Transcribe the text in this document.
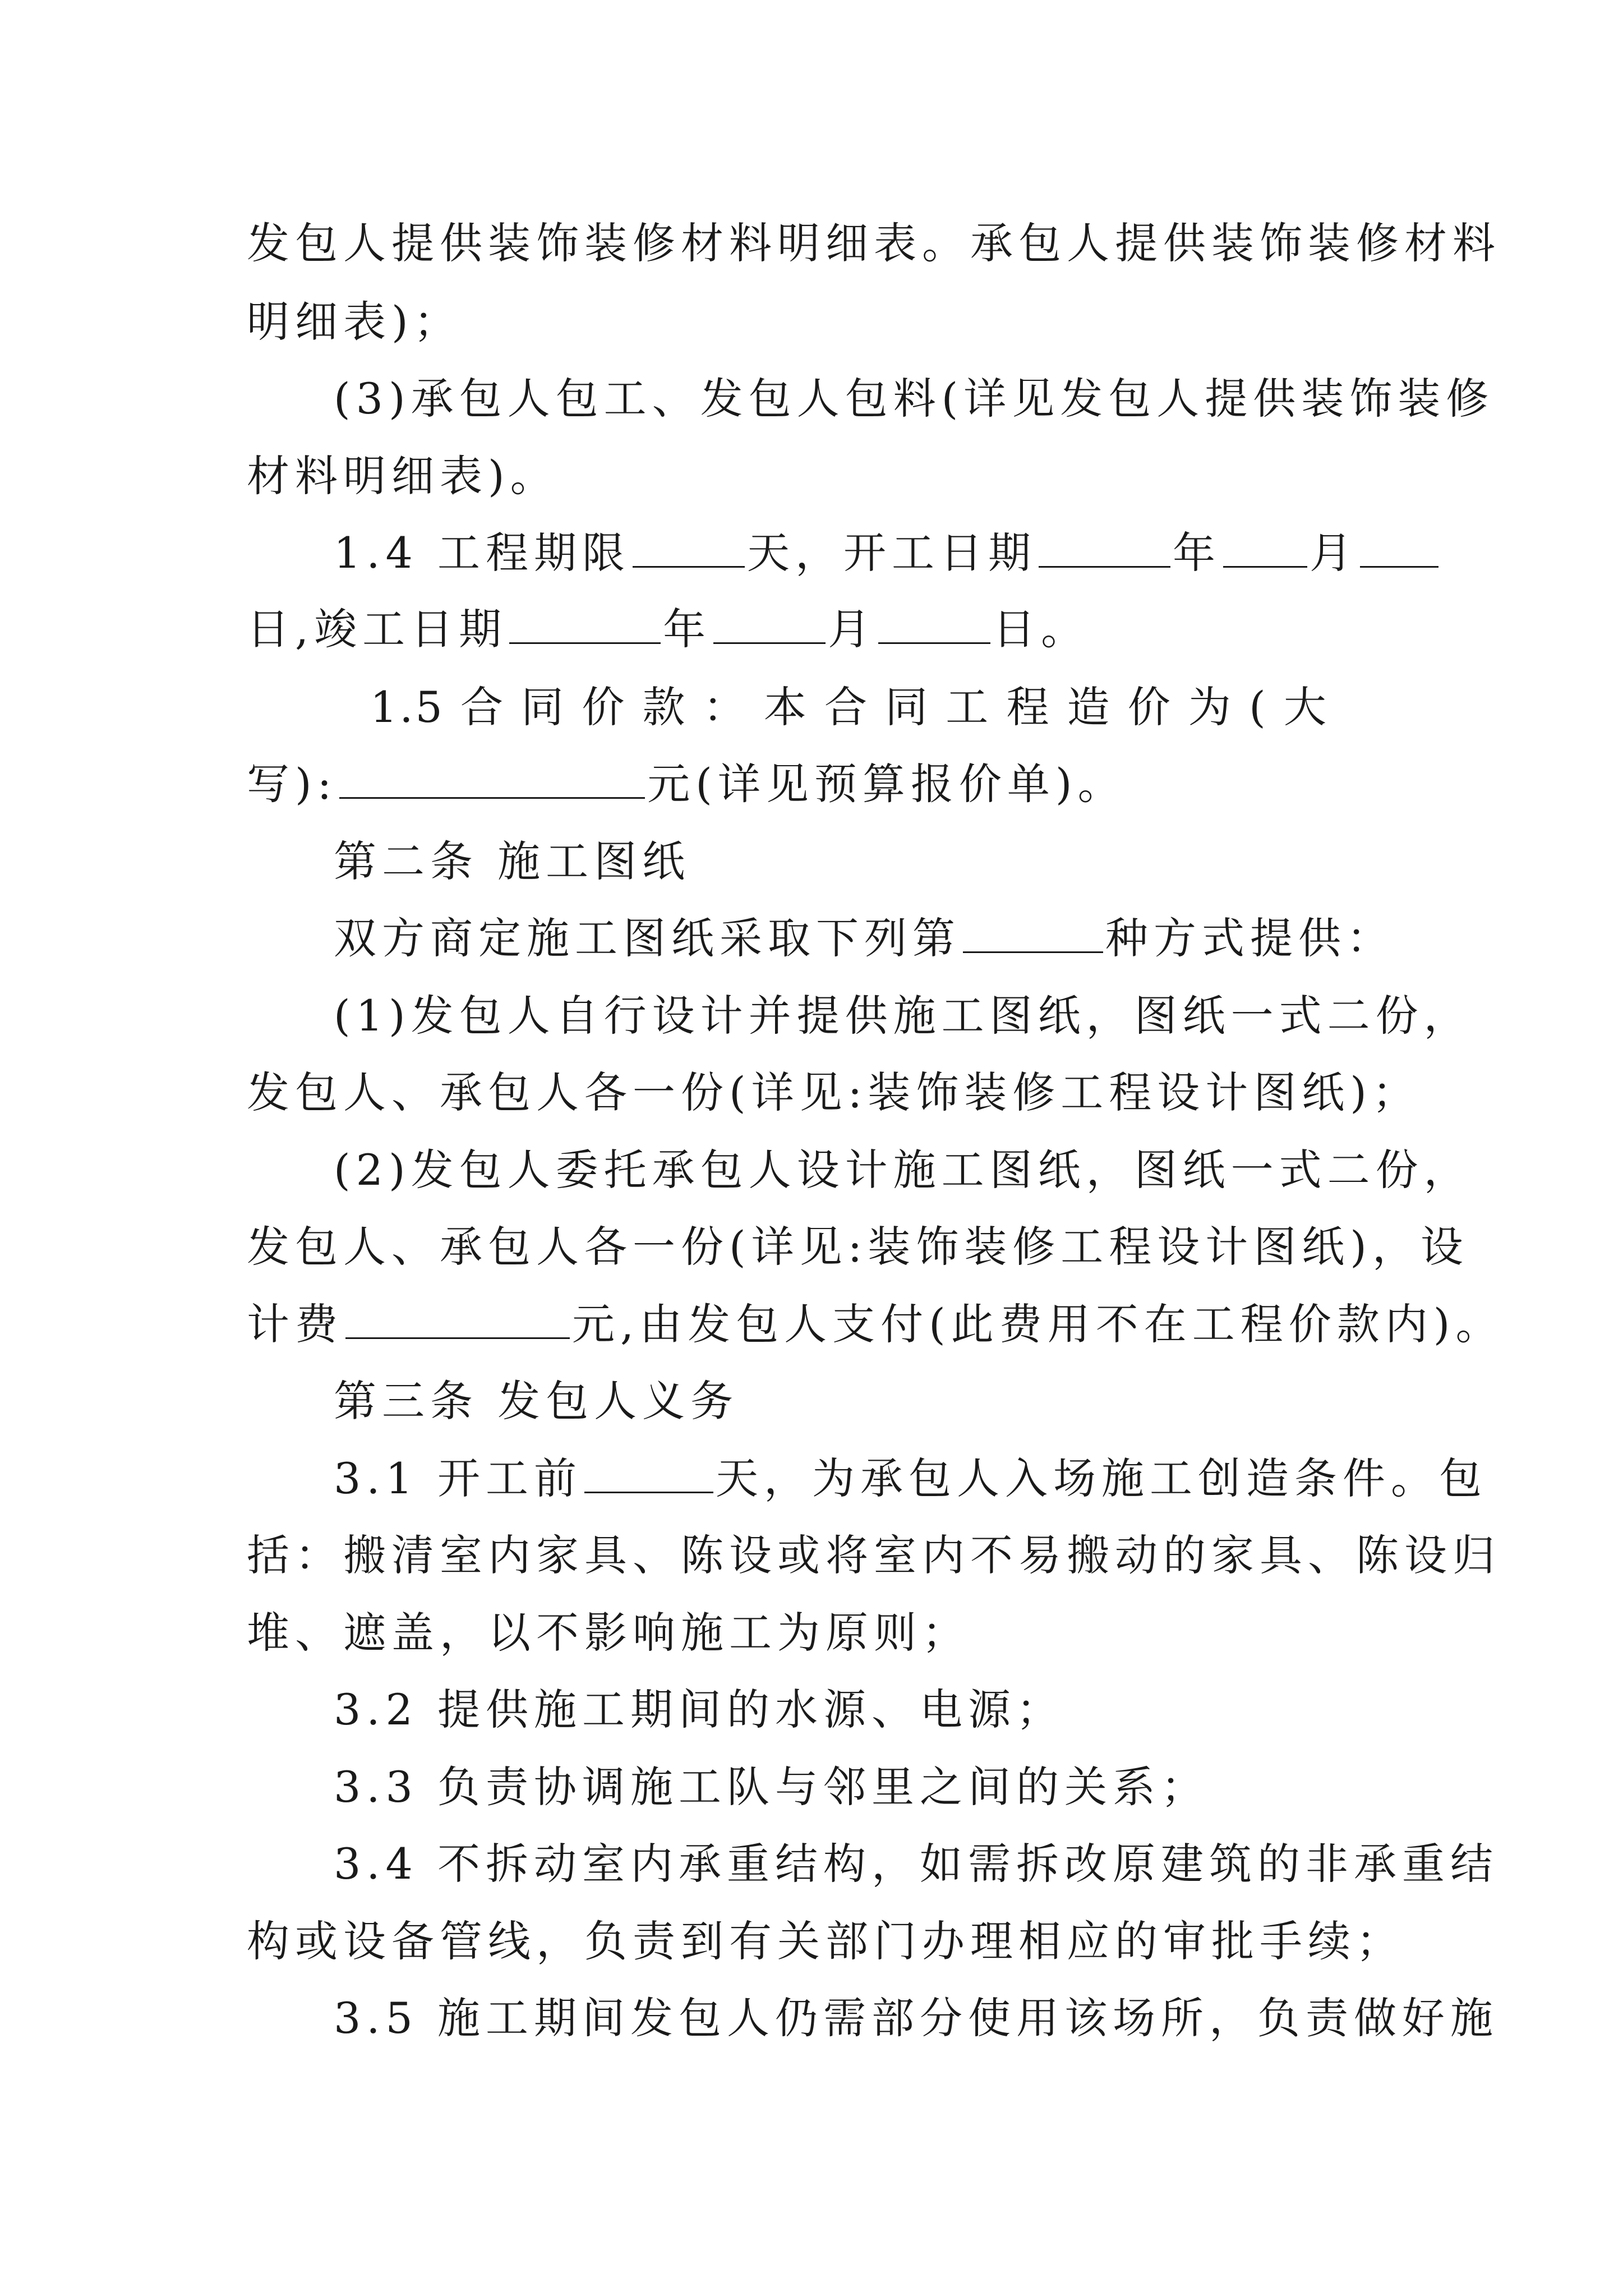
发包人提供装饰装修材料明细表。承包人提供装饰装修材料
明细表)；
(3)承包人包工、发包人包料(详见发包人提供装饰装修
材料明细表)。
1.4 工程期限	天，开工日期	年 月
日,竣工日期	年	月	日。
1.5 合 同 价 款 ： 本 合 同 工 程 造 价 为 ( 大
写):	元(详见预算报价单)。
第二条 施工图纸
双方商定施工图纸采取下列第	种方式提供：
(1)发包人自行设计并提供施工图纸，图纸一式二份，
发包人、承包人各一份(详见:装饰装修工程设计图纸)；
(2)发包人委托承包人设计施工图纸，图纸一式二份，
发包人、承包人各一份(详见:装饰装修工程设计图纸)，设
计费	元,由发包人支付(此费用不在工程价款内)。
第三条 发包人义务
3.1 开工前	天，为承包人入场施工创造条件。包
括：搬清室内家具、陈设或将室内不易搬动的家具、陈设归
堆、遮盖，以不影响施工为原则；
3.2 提供施工期间的水源、电源；
3.3 负责协调施工队与邻里之间的关系；
3.4 不拆动室内承重结构，如需拆改原建筑的非承重结
构或设备管线，负责到有关部门办理相应的审批手续；
3.5 施工期间发包人仍需部分使用该场所，负责做好施
